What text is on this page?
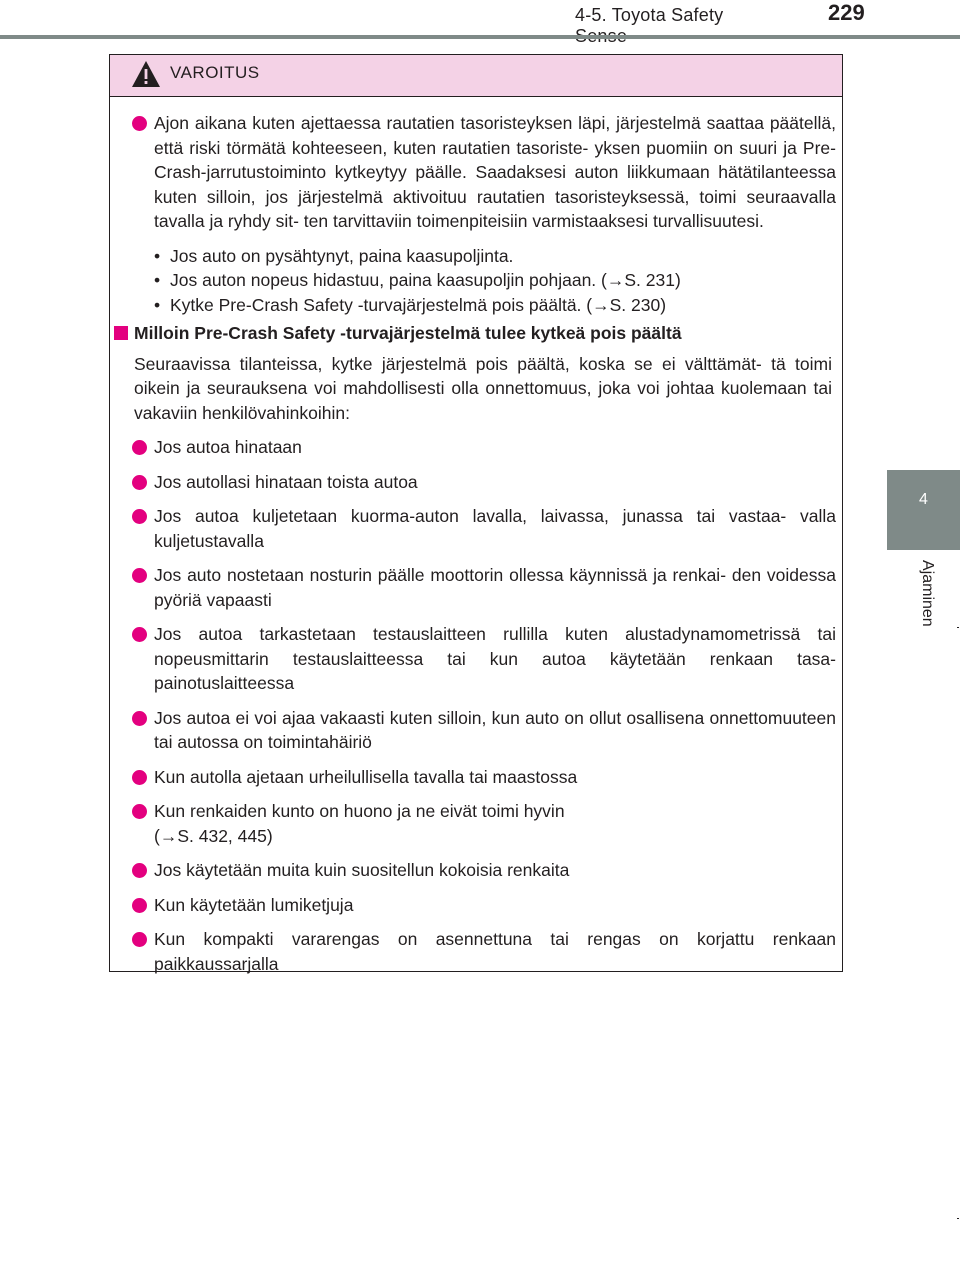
4-5. Toyota Safety	229
4
Ajaminen
VAROITUS
Ajon aikana kuten ajettaessa rautatien tasoristeyksen läpi, järjestelmä saattaa päätellä, että riski törmätä kohteeseen, kuten rautatien tasoriste- yksen puomiin on suuri ja Pre-Crash-jarrutustoiminto kytkeytyy päälle. Saadaksesi auton liikkumaan hätätilanteessa kuten silloin, jos järjestelmä aktivoituu rautatien tasoristeyksessä, toimi seuraavalla tavalla ja ryhdy sit- ten tarvittaviin toimenpiteisiin varmistaaksesi turvallisuutesi.
• Jos auto on pysähtynyt, paina kaasupoljinta.
• Jos auton nopeus hidastuu, paina kaasupoljin pohjaan. (→S. 231)
• Kytke Pre-Crash Safety -turvajärjestelmä pois päältä. (→S. 230)
Milloin Pre-Crash Safety -turvajärjestelmä tulee kytkeä pois päältä
Seuraavissa tilanteissa, kytke järjestelmä pois päältä, koska se ei välttämät- tä toimi oikein ja seurauksena voi mahdollisesti olla onnettomuus, joka voi johtaa kuolemaan tai vakaviin henkilövahinkoihin:
Jos autoa hinataan
Jos autollasi hinataan toista autoa
Jos autoa kuljetetaan kuorma-auton lavalla, laivassa, junassa tai vastaa- valla kuljetustavalla
Jos auto nostetaan nosturin päälle moottorin ollessa käynnissä ja renkai- den voidessa pyöriä vapaasti
Jos autoa tarkastetaan testauslaitteen rullilla kuten alustadynamometrissä tai nopeusmittarin testauslaitteessa tai kun autoa käytetään renkaan tasa- painotuslaitteessa
Jos autoa ei voi ajaa vakaasti kuten silloin, kun auto on ollut osallisena onnettomuuteen tai autossa on toimintahäiriö
Kun autolla ajetaan urheilullisella tavalla tai maastossa
Kun renkaiden kunto on huono ja ne eivät toimi hyvin
(→S. 432, 445)
Jos käytetään muita kuin suositellun kokoisia renkaita
Kun käytetään lumiketjuja
Kun kompakti vararengas on asennettuna tai rengas on korjattu renkaan paikkaussarjalla
